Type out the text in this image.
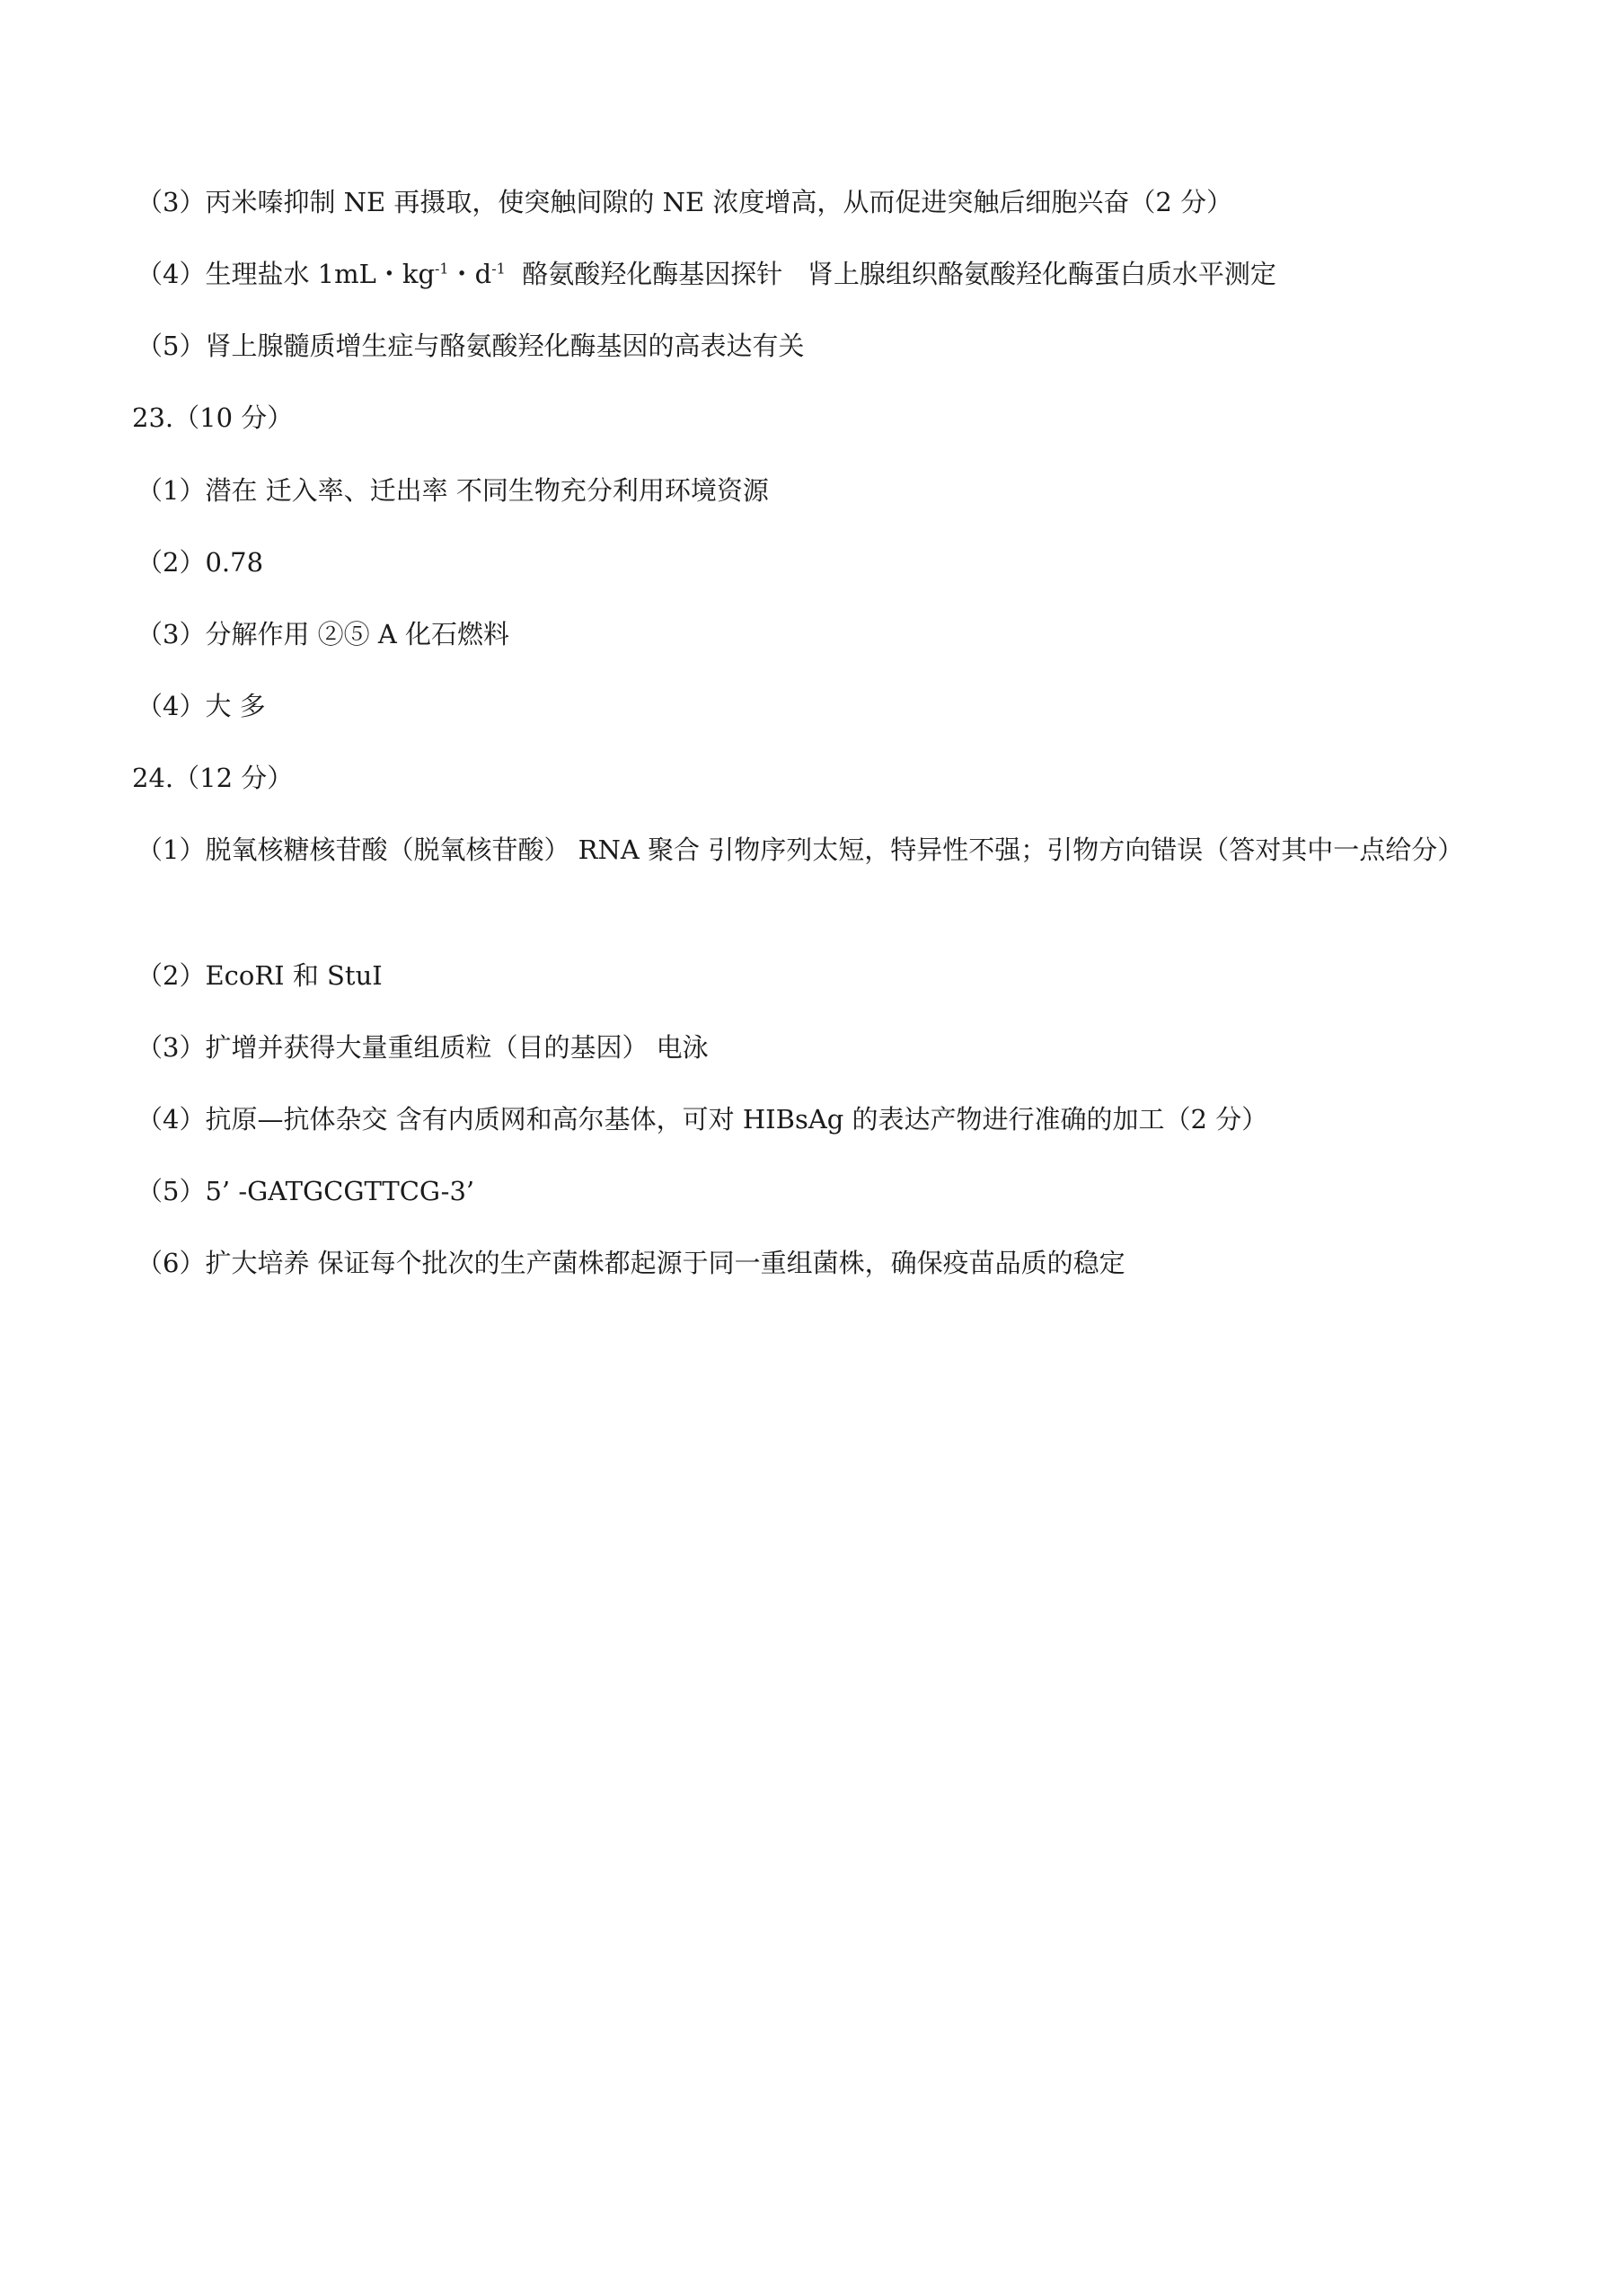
（3）丙米嗪抑制 NE 再摄取，使突触间隙的 NE 浓度增高，从而促进突触后细胞兴奋（2 分）
（4）生理盐水 1mL・$kg^{-1}$・$d^{-1}$  酪氨酸羟化酶基因探针   肾上腺组织酪氨酸羟化酶蛋白质水平测定
（5）肾上腺髓质增生症与酪氨酸羟化酶基因的高表达有关
23.（10 分）
（1）潜在 迁入率、迁出率 不同生物充分利用环境资源
（2）0.78
（3）分解作用 ②⑤ A 化石燃料
（4）大 多
24.（12 分）
（1）脱氧核糖核苷酸（脱氧核苷酸） RNA 聚合 引物序列太短，特异性不强；引物方向错误（答对其中一点给分）
（2）EcoRI 和 StuI
（3）扩增并获得大量重组质粒（目的基因） 电泳
（4）抗原—抗体杂交 含有内质网和高尔基体，可对 HIBsAg 的表达产物进行准确的加工（2 分）
（5）5’ -GATGCGTTCG-3’
（6）扩大培养 保证每个批次的生产菌株都起源于同一重组菌株，确保疫苗品质的稳定
